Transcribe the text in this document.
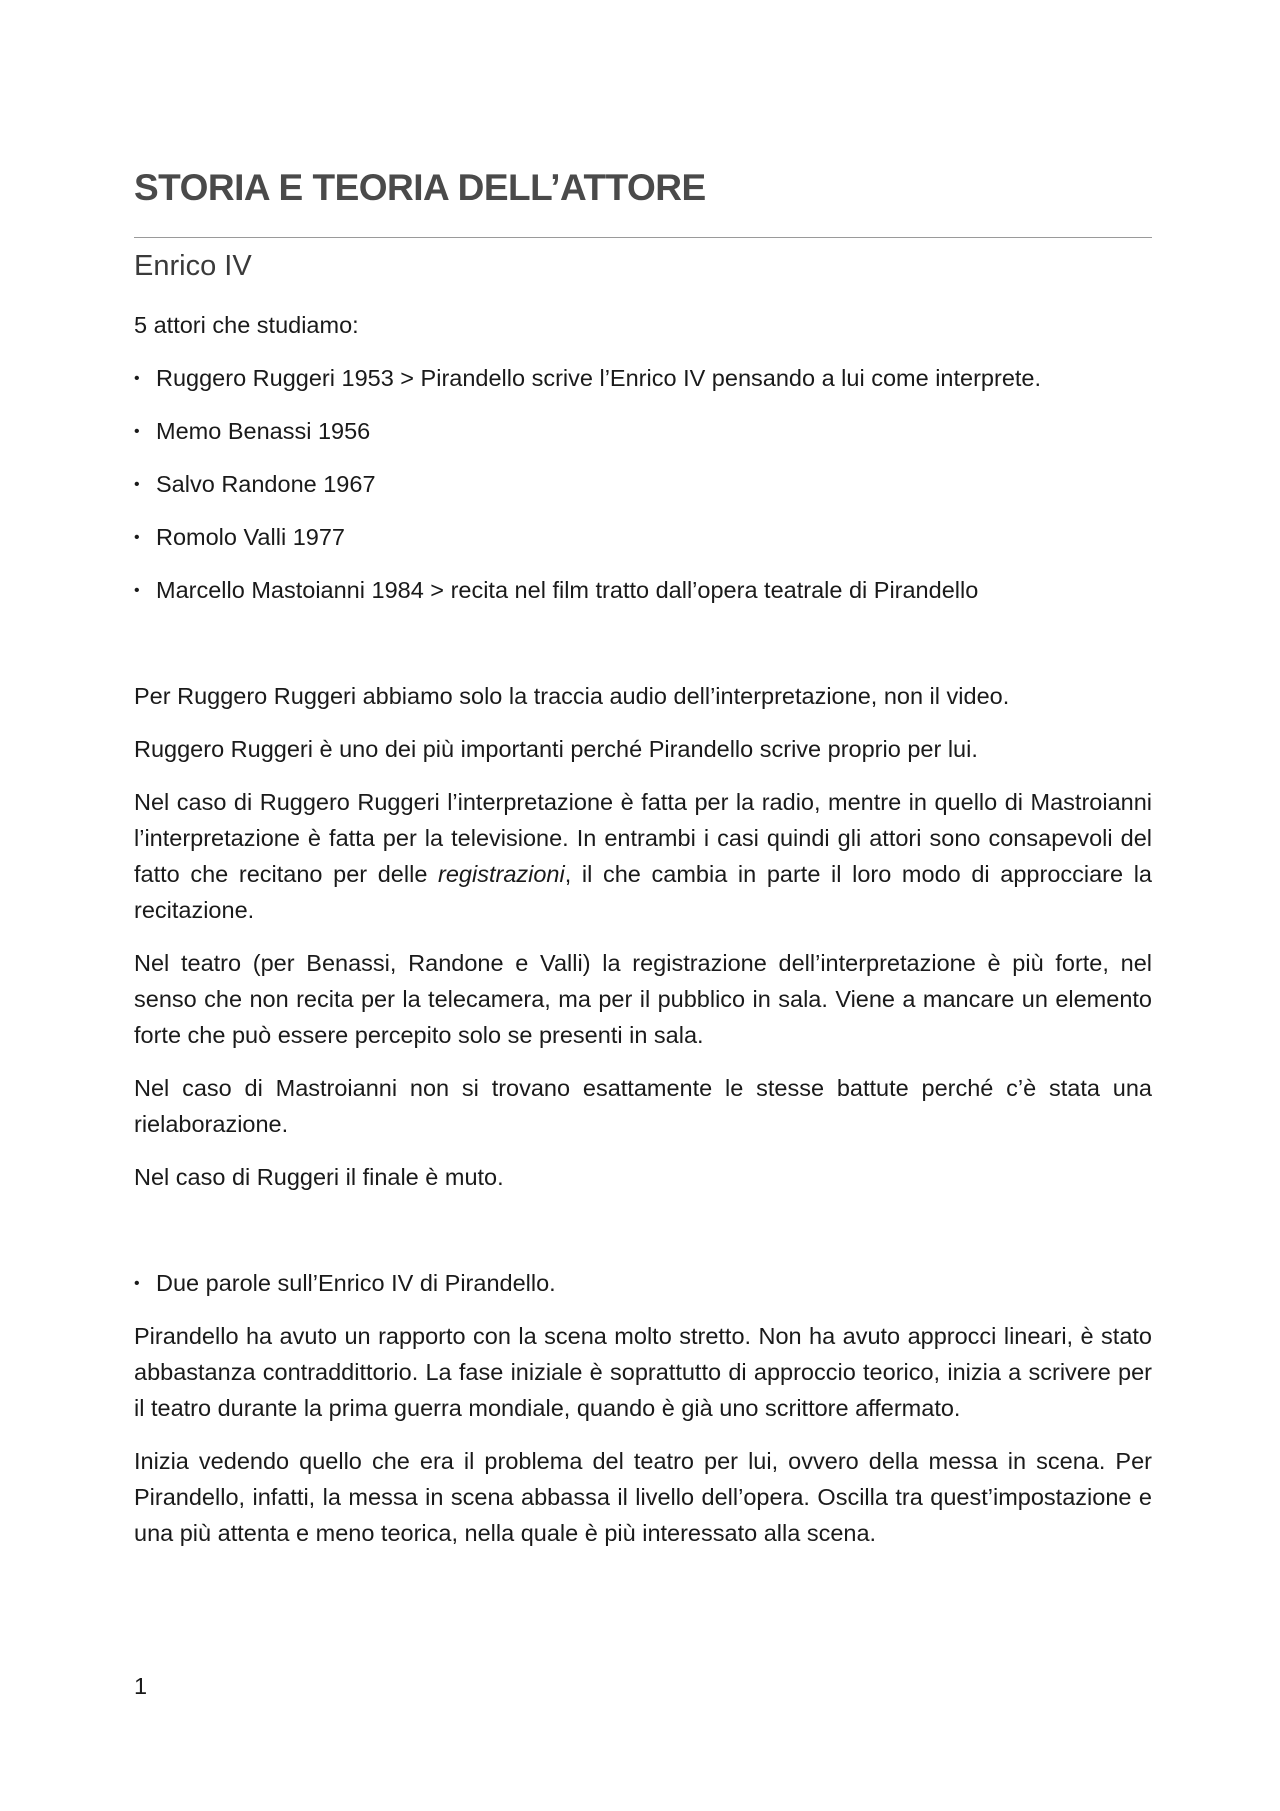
STORIA E TEORIA DELL’ATTORE
Enrico IV

5 attori che studiamo:

• Ruggero Ruggeri 1953 > Pirandello scrive l’Enrico IV pensando a lui come interprete.
• Memo Benassi 1956
• Salvo Randone 1967
• Romolo Valli 1977
• Marcello Mastoianni 1984 > recita nel film tratto dall’opera teatrale di Pirandello

Per Ruggero Ruggeri abbiamo solo la traccia audio dell’interpretazione, non il video.

Ruggero Ruggeri è uno dei più importanti perché Pirandello scrive proprio per lui.

Nel caso di Ruggero Ruggeri l’interpretazione è fatta per la radio, mentre in quello di Mastroianni l’interpretazione è fatta per la televisione. In entrambi i casi quindi gli attori sono consapevoli del fatto che recitano per delle registrazioni, il che cambia in parte il loro modo di approcciare la recitazione.

Nel teatro (per Benassi, Randone e Valli) la registrazione dell’interpretazione è più forte, nel senso che non recita per la telecamera, ma per il pubblico in sala. Viene a mancare un elemento forte che può essere percepito solo se presenti in sala.

Nel caso di Mastroianni non si trovano esattamente le stesse battute perché c’è stata una rielaborazione.

Nel caso di Ruggeri il finale è muto.

• Due parole sull’Enrico IV di Pirandello.

Pirandello ha avuto un rapporto con la scena molto stretto. Non ha avuto approcci lineari, è stato abbastanza contraddittorio. La fase iniziale è soprattutto di approccio teorico, inizia a scrivere per il teatro durante la prima guerra mondiale, quando è già uno scrittore affermato.

Inizia vedendo quello che era il problema del teatro per lui, ovvero della messa in scena. Per Pirandello, infatti, la messa in scena abbassa il livello dell’opera. Oscilla tra quest’impostazione e una più attenta e meno teorica, nella quale è più interessato alla scena.

1
